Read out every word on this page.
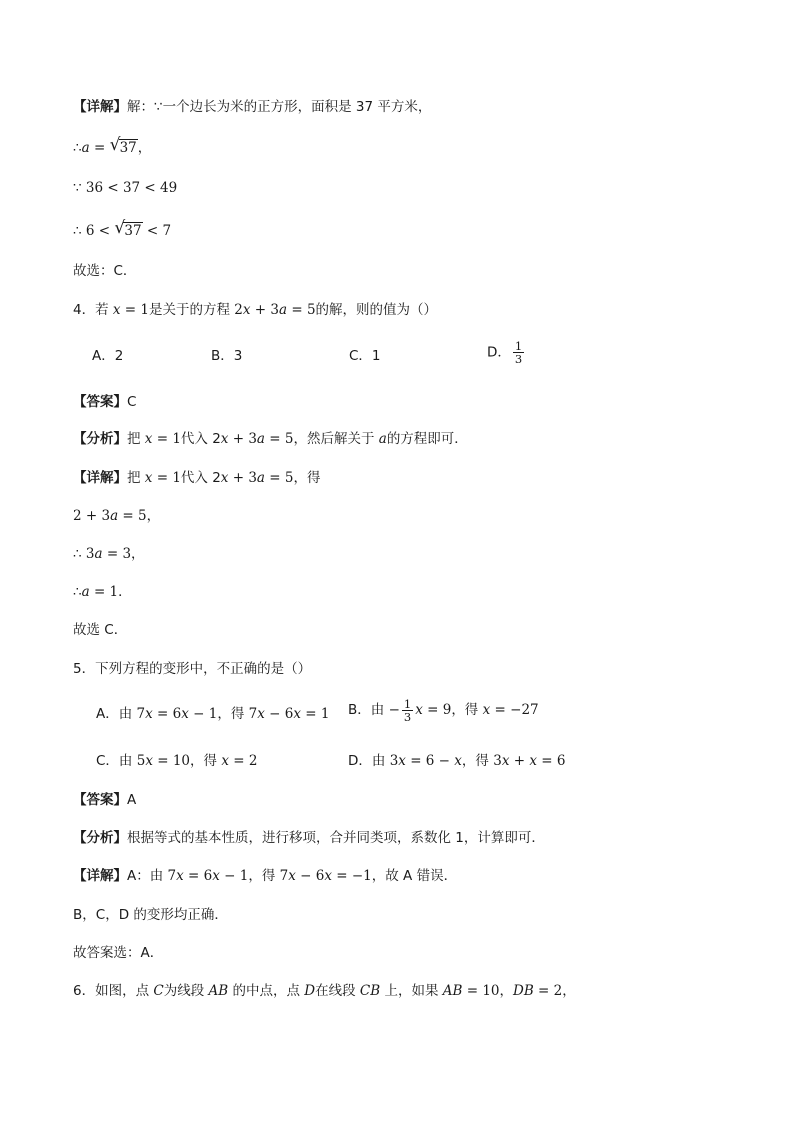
【详解】解：∵一个边长为米的正方形，面积是 37 平方米，
∴a = √ 37，
∵ 36 < 37 < 49
∴ 6 < √ 37 < 7
故选：C．
4．若 x = 1是关于的方程 2x + 3a = 5的解，则的值为（）
A．2	B．3	C．1	D． $\frac{1}{3}$
【答案】C
【分析】把 x = 1代入 2x + 3a = 5，然后解关于 a的方程即可．
【详解】把 x = 1代入 2x + 3a = 5，得
2 + 3a = 5，
∴ 3a = 3，
∴a = 1．
故选 C．
5．下列方程的变形中，不正确的是（）
A．由 7x = 6x − 1，得 7x − 6x = 1 B．由 − $\frac{1}{3}$ x = 9，得 x = −27
C．由 5x = 10，得 x = 2	D．由 3x = 6 − x，得 3x + x = 6
【答案】A
【分析】根据等式的基本性质，进行移项，合并同类项，系数化 1，计算即可．
【详解】A：由 7x = 6x − 1，得 7x − 6x = −1，故 A 错误．
B，C，D 的变形均正确．
故答案选：A．
6．如图，点 C为线段 AB 的中点，点 D在线段 CB 上，如果 AB = 10，DB = 2，
